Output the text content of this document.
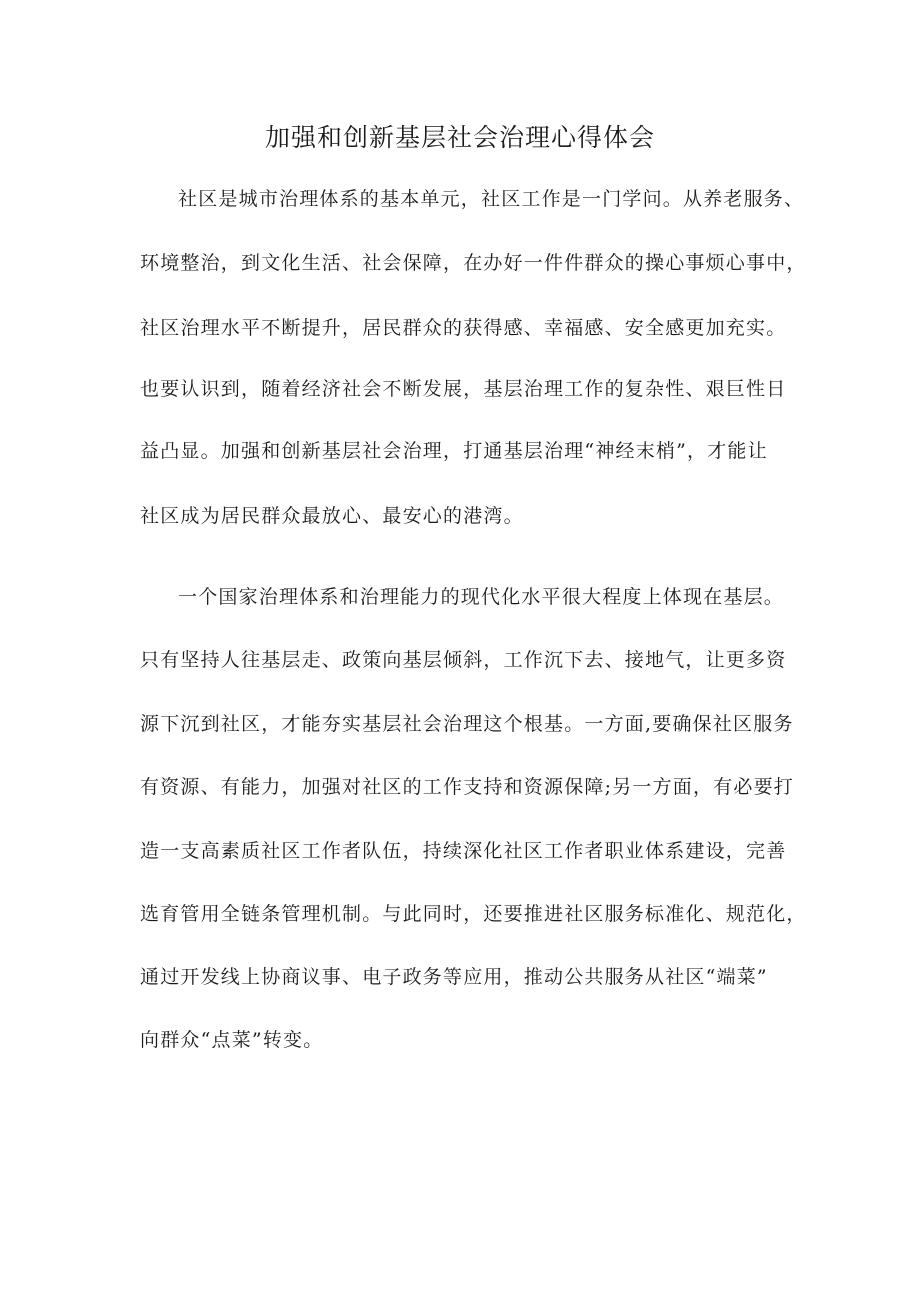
加强和创新基层社会治理心得体会
社区是城市治理体系的基本单元，社区工作是一门学问。从养老服务、
环境整治，到文化生活、社会保障，在办好一件件群众的操心事烦心事中，
社区治理水平不断提升，居民群众的获得感、幸福感、安全感更加充实。
也要认识到，随着经济社会不断发展，基层治理工作的复杂性、艰巨性日
益凸显。加强和创新基层社会治理，打通基层治理“神经末梢”，才能让
社区成为居民群众最放心、最安心的港湾。
一个国家治理体系和治理能力的现代化水平很大程度上体现在基层。
只有坚持人往基层走、政策向基层倾斜，工作沉下去、接地气，让更多资
源下沉到社区，才能夯实基层社会治理这个根基。一方面,要确保社区服务
有资源、有能力，加强对社区的工作支持和资源保障;另一方面，有必要打
造一支高素质社区工作者队伍，持续深化社区工作者职业体系建设，完善
选育管用全链条管理机制。与此同时，还要推进社区服务标准化、规范化，
通过开发线上协商议事、电子政务等应用，推动公共服务从社区“端菜”
向群众“点菜”转变。
